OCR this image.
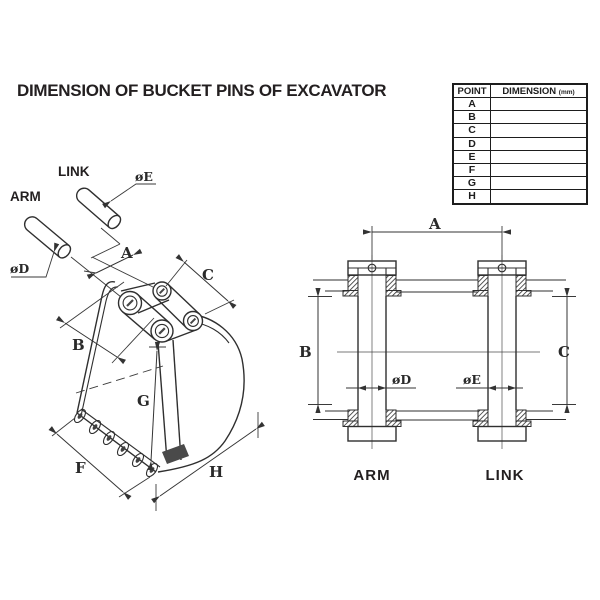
DIMENSION OF BUCKET PINS OF EXCAVATOR	POINT	DIMENSION (mm)
A	
B	
C	
D	
E	
F	
G	
H	
A
B
C
G
F	H
øE
øD
LINK
ARM
A
B	C
øD	øE
ARM	LINK
